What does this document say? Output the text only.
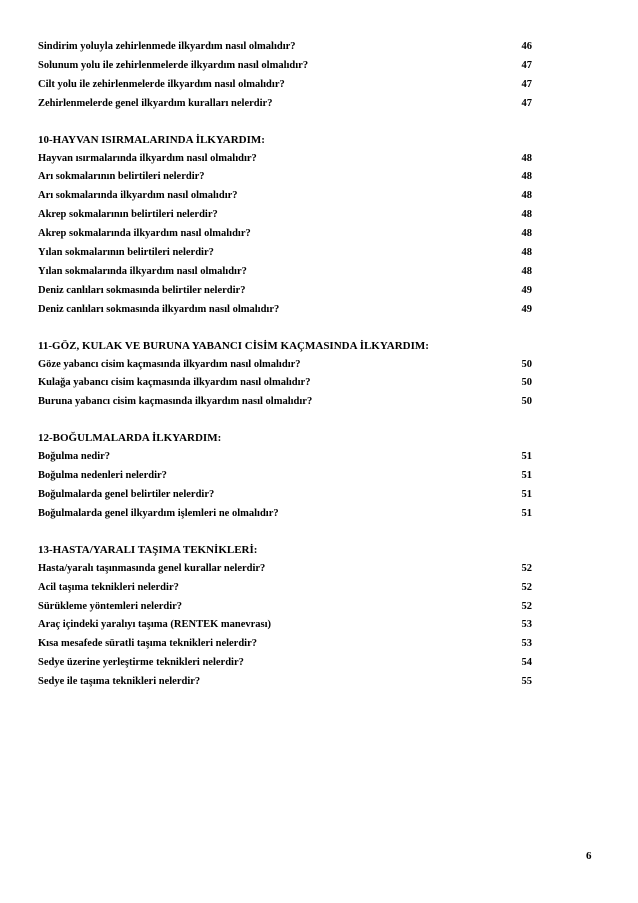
Sindirim yoluyla zehirlenmede ilkyardım nasıl olmalıdır?	46
Solunum yolu ile zehirlenmelerde ilkyardım nasıl olmalıdır?	47
Cilt yolu ile zehirlenmelerde ilkyardım nasıl olmalıdır?	47
Zehirlenmelerde genel ilkyardım kuralları nelerdir?	47
10-HAYVAN ISIRMALARINDA İLKYARDIM:
Hayvan ısırmalarında ilkyardım nasıl olmalıdır?	48
Arı sokmalarının belirtileri nelerdir?	48
Arı sokmalarında ilkyardım nasıl olmalıdır?	48
Akrep sokmalarının belirtileri nelerdir?	48
Akrep sokmalarında ilkyardım nasıl olmalıdır?	48
Yılan sokmalarının belirtileri nelerdir?	48
Yılan sokmalarında ilkyardım nasıl olmalıdır?	48
Deniz canlıları sokmasında belirtiler nelerdir?	49
Deniz canlıları sokmasında ilkyardım nasıl olmalıdır?	49
11-GÖZ, KULAK VE BURUNA YABANCI CİSİM KAÇMASINDA İLKYARDIM:
Göze yabancı cisim kaçmasında ilkyardım nasıl olmalıdır?	50
Kulağa yabancı cisim kaçmasında ilkyardım nasıl olmalıdır?	50
Buruna yabancı cisim kaçmasında ilkyardım nasıl olmalıdır?	50
12-BOĞULMALARDA İLKYARDIM:
Boğulma nedir?	51
Boğulma nedenleri nelerdir?	51
Boğulmalarda genel belirtiler nelerdir?	51
Boğulmalarda genel ilkyardım işlemleri ne olmalıdır?	51
13-HASTA/YARALI TAŞIMA TEKNİKLERİ:
Hasta/yaralı taşınmasında genel kurallar nelerdir?	52
Acil taşıma teknikleri nelerdir?	52
Sürükleme yöntemleri nelerdir?	52
Araç içindeki yaralıyı taşıma (RENTEK manevrası)	53
Kısa mesafede süratli taşıma teknikleri nelerdir?	53
Sedye üzerine yerleştirme teknikleri nelerdir?	54
Sedye ile taşıma teknikleri nelerdir?	55
6
